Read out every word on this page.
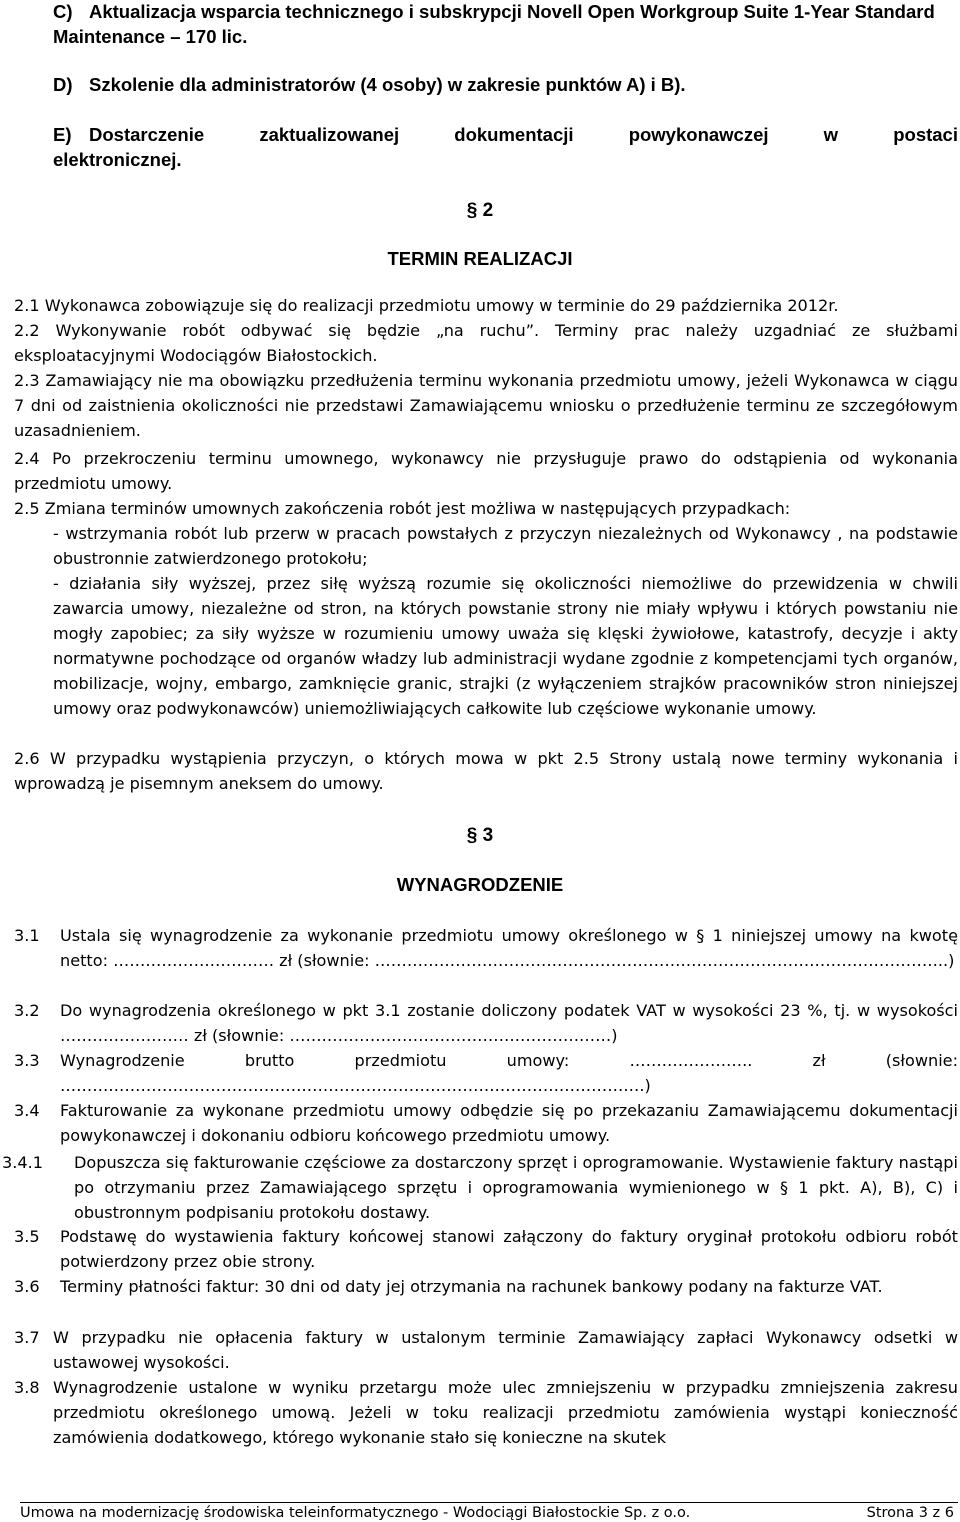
C) Aktualizacja wsparcia technicznego i subskrypcji Novell Open Workgroup Suite 1-Year Standard Maintenance – 170 lic.
D) Szkolenie dla administratorów (4 osoby) w zakresie punktów A) i B).
E) Dostarczenie zaktualizowanej dokumentacji powykonawczej w postaci
elektronicznej.
§ 2
TERMIN REALIZACJI
2.1 Wykonawca zobowiązuje się do realizacji przedmiotu umowy w terminie do 29 października 2012r.
2.2 Wykonywanie robót odbywać się będzie „na ruchu”. Terminy prac należy uzgadniać ze służbami eksploatacyjnymi Wodociągów Białostockich.
2.3 Zamawiający nie ma obowiązku przedłużenia terminu wykonania przedmiotu umowy, jeżeli Wykonawca w ciągu 7 dni od zaistnienia okoliczności nie przedstawi Zamawiającemu wniosku o przedłużenie terminu ze szczegółowym uzasadnieniem.
2.4 Po przekroczeniu terminu umownego, wykonawcy nie przysługuje prawo do odstąpienia od wykonania przedmiotu umowy.
2.5 Zmiana terminów umownych zakończenia robót jest możliwa w następujących przypadkach:
- wstrzymania robót lub przerw w pracach powstałych z przyczyn niezależnych od Wykonawcy , na podstawie obustronnie zatwierdzonego protokołu;
- działania siły wyższej, przez siłę wyższą rozumie się okoliczności niemożliwe do przewidzenia w chwili zawarcia umowy, niezależne od stron, na których powstanie strony nie miały wpływu i których powstaniu nie mogły zapobiec; za siły wyższe w rozumieniu umowy uważa się klęski żywiołowe, katastrofy, decyzje i akty normatywne pochodzące od organów władzy lub administracji wydane zgodnie z kompetencjami tych organów, mobilizacje, wojny, embargo, zamknięcie granic, strajki (z wyłączeniem strajków pracowników stron niniejszej umowy oraz podwykonawców) uniemożliwiających całkowite lub częściowe wykonanie umowy.
2.6 W przypadku wystąpienia przyczyn, o których mowa w pkt 2.5 Strony ustalą nowe terminy wykonania i wprowadzą je pisemnym aneksem do umowy.
§ 3
WYNAGRODZENIE
3.1 Ustala się wynagrodzenie za wykonanie przedmiotu umowy określonego w § 1 niniejszej umowy na kwotę netto: ………………………… zł (słownie: ……………………………………………………………………………………………..)
3.2 Do wynagrodzenia określonego w pkt 3.1 zostanie doliczony podatek VAT w wysokości 23 %, tj. w wysokości …………………… zł (słownie: ……………………………………………………)
3.3 Wynagrodzenie brutto przedmiotu umowy: ………………….. zł (słownie: ……………………………………………………………………………………………….)
3.4 Fakturowanie za wykonane przedmiotu umowy odbędzie się po przekazaniu Zamawiającemu dokumentacji powykonawczej i dokonaniu odbioru końcowego przedmiotu umowy.
3.4.1 Dopuszcza się fakturowanie częściowe za dostarczony sprzęt i oprogramowanie. Wystawienie faktury nastąpi po otrzymaniu przez Zamawiającego sprzętu i oprogramowania wymienionego w § 1 pkt. A), B), C) i obustronnym podpisaniu protokołu dostawy.
3.5 Podstawę do wystawienia faktury końcowej stanowi załączony do faktury oryginał protokołu odbioru robót potwierdzony przez obie strony.
3.6 Terminy płatności faktur: 30 dni od daty jej otrzymania na rachunek bankowy podany na fakturze VAT.
3.7 W przypadku nie opłacenia faktury w ustalonym terminie Zamawiający zapłaci Wykonawcy odsetki w ustawowej wysokości.
3.8 Wynagrodzenie ustalone w wyniku przetargu może ulec zmniejszeniu w przypadku zmniejszenia zakresu przedmiotu określonego umową. Jeżeli w toku realizacji przedmiotu zamówienia wystąpi konieczność zamówienia dodatkowego, którego wykonanie stało się konieczne na skutek
Umowa na modernizację środowiska teleinformatycznego - Wodociągi Białostockie Sp. z o.o.	Strona 3 z 6
